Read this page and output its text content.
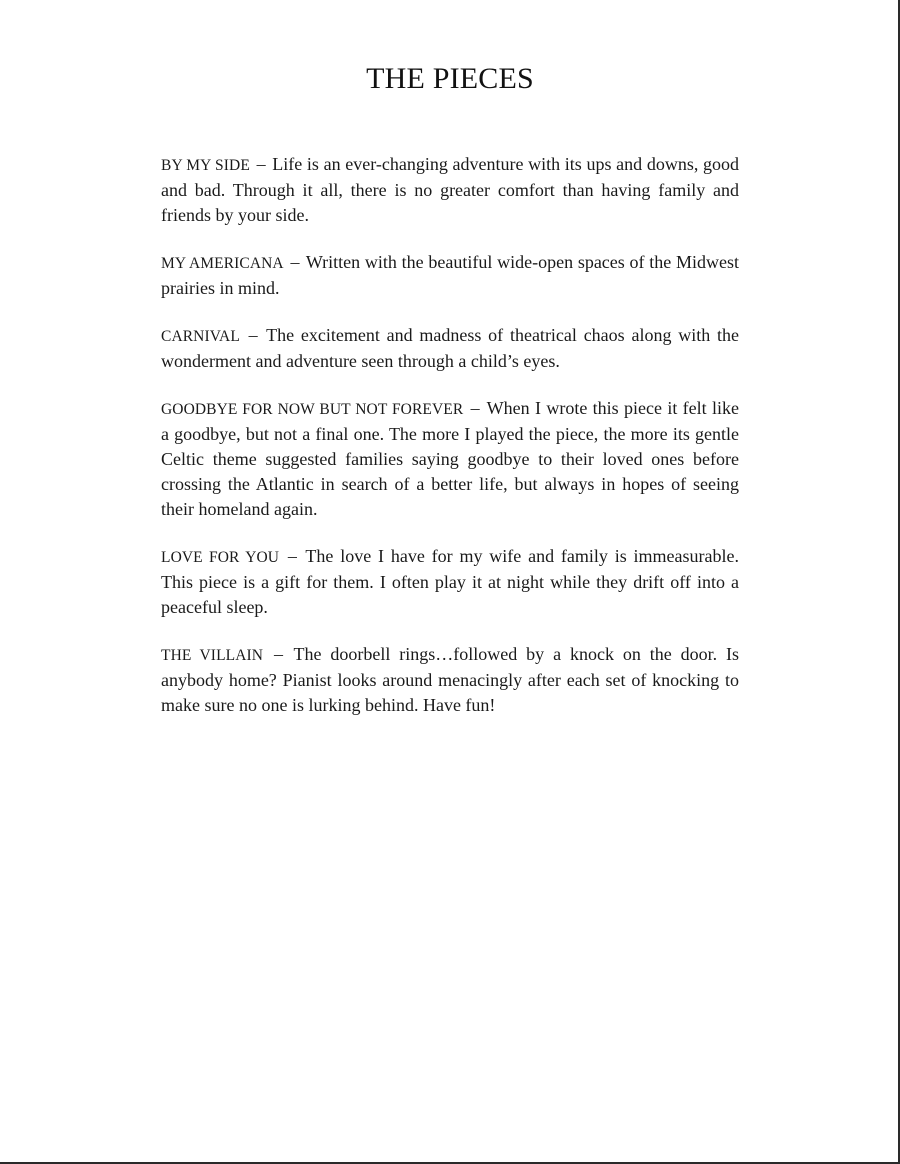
THE PIECES

BY MY SIDE – Life is an ever-changing adventure with its ups and downs, good and bad. Through it all, there is no greater comfort than having family and friends by your side.

MY AMERICANA – Written with the beautiful wide-open spaces of the Midwest prairies in mind.

CARNIVAL – The excitement and madness of theatrical chaos along with the wonderment and adventure seen through a child’s eyes.

GOODBYE FOR NOW BUT NOT FOREVER – When I wrote this piece it felt like a goodbye, but not a final one. The more I played the piece, the more its gentle Celtic theme suggested families saying goodbye to their loved ones before crossing the Atlantic in search of a better life, but always in hopes of seeing their homeland again.

LOVE FOR YOU – The love I have for my wife and family is immeasurable. This piece is a gift for them. I often play it at night while they drift off into a peaceful sleep.

THE VILLAIN – The doorbell rings…followed by a knock on the door. Is anybody home? Pianist looks around menacingly after each set of knocking to make sure no one is lurking behind. Have fun!
